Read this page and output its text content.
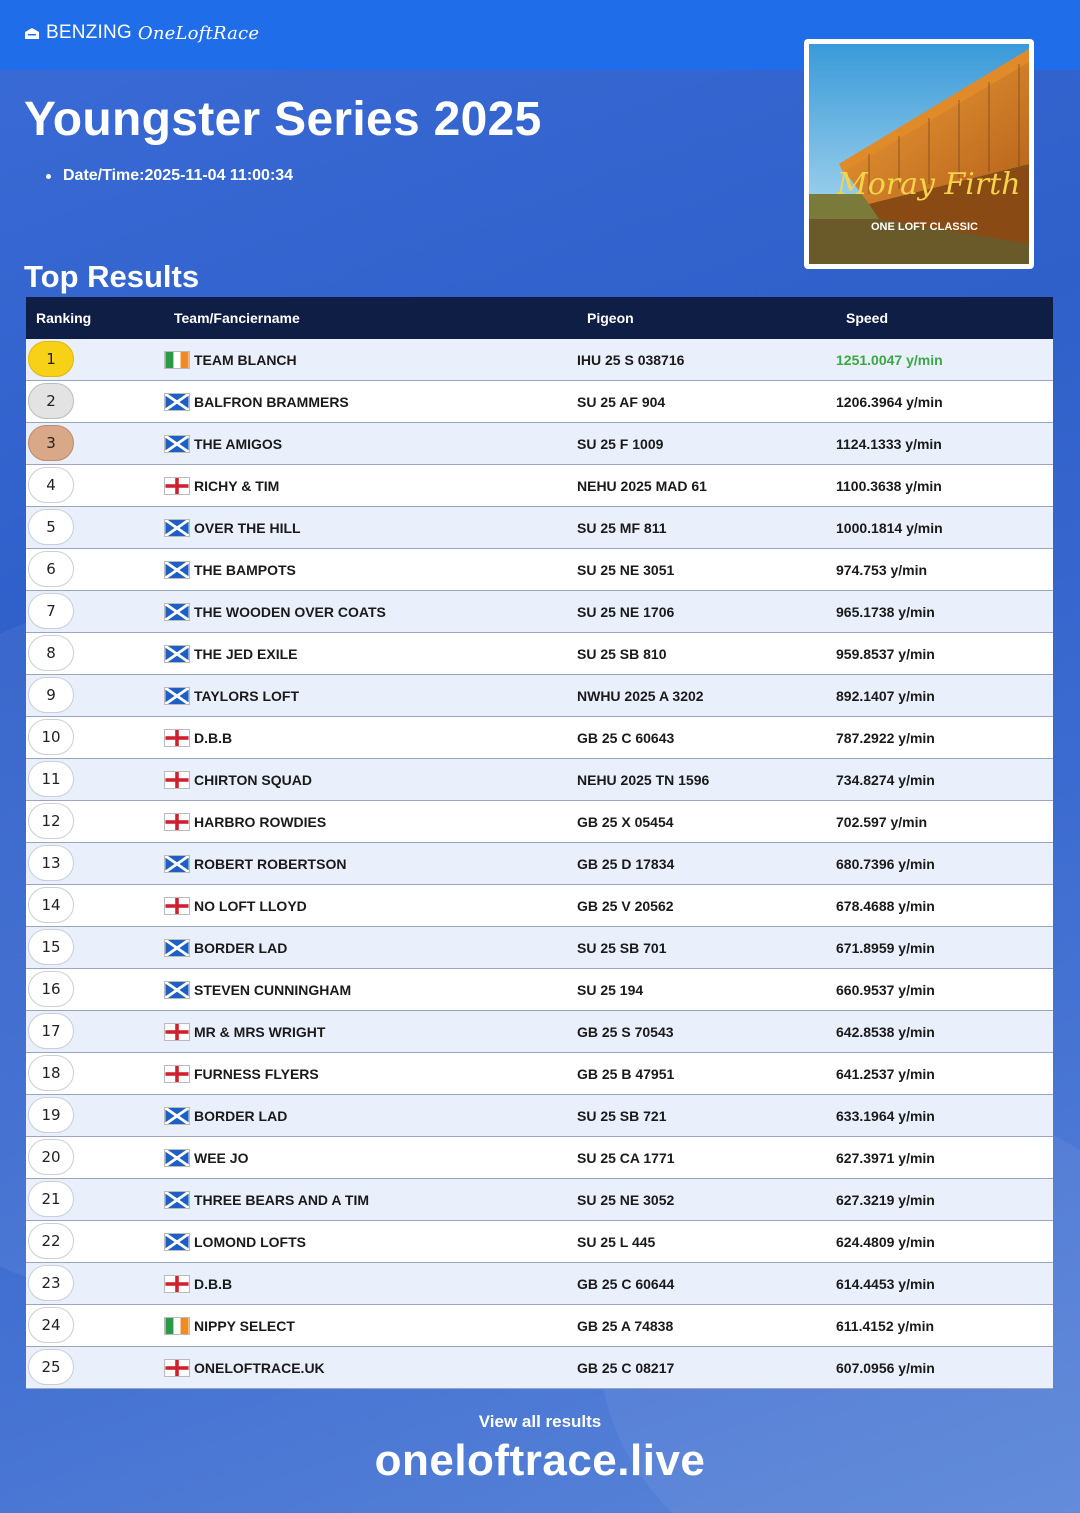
BENZING OneLoftRace
Youngster Series 2025
Date/Time:2025-11-04 11:00:34	Moray Firth
ONE LOFT CLASSIC
Top Results
Ranking	Team/Fanciername	Pigeon	Speed
1	TEAM BLANCH	IHU 25 S 038716	1251.0047 y/min
2	BALFRON BRAMMERS	SU 25 AF 904	1206.3964 y/min
3	THE AMIGOS	SU 25 F 1009	1124.1333 y/min
4	RICHY & TIM	NEHU 2025 MAD 61	1100.3638 y/min
5	OVER THE HILL	SU 25 MF 811	1000.1814 y/min
6	THE BAMPOTS	SU 25 NE 3051	974.753 y/min
7	THE WOODEN OVER COATS	SU 25 NE 1706	965.1738 y/min
8	THE JED EXILE	SU 25 SB 810	959.8537 y/min
9	TAYLORS LOFT	NWHU 2025 A 3202	892.1407 y/min
10	D.B.B	GB 25 C 60643	787.2922 y/min
11	CHIRTON SQUAD	NEHU 2025 TN 1596	734.8274 y/min
12	HARBRO ROWDIES	GB 25 X 05454	702.597 y/min
13	ROBERT ROBERTSON	GB 25 D 17834	680.7396 y/min
14	NO LOFT LLOYD	GB 25 V 20562	678.4688 y/min
15	BORDER LAD	SU 25 SB 701	671.8959 y/min
16	STEVEN CUNNINGHAM	SU 25 194	660.9537 y/min
17	MR & MRS WRIGHT	GB 25 S 70543	642.8538 y/min
18	FURNESS FLYERS	GB 25 B 47951	641.2537 y/min
19	BORDER LAD	SU 25 SB 721	633.1964 y/min
20	WEE JO	SU 25 CA 1771	627.3971 y/min
21	THREE BEARS AND A TIM	SU 25 NE 3052	627.3219 y/min
22	LOMOND LOFTS	SU 25 L 445	624.4809 y/min
23	D.B.B	GB 25 C 60644	614.4453 y/min
24	NIPPY SELECT	GB 25 A 74838	611.4152 y/min
25	ONELOFTRACE.UK	GB 25 C 08217	607.0956 y/min
View all results
oneloftrace.live
